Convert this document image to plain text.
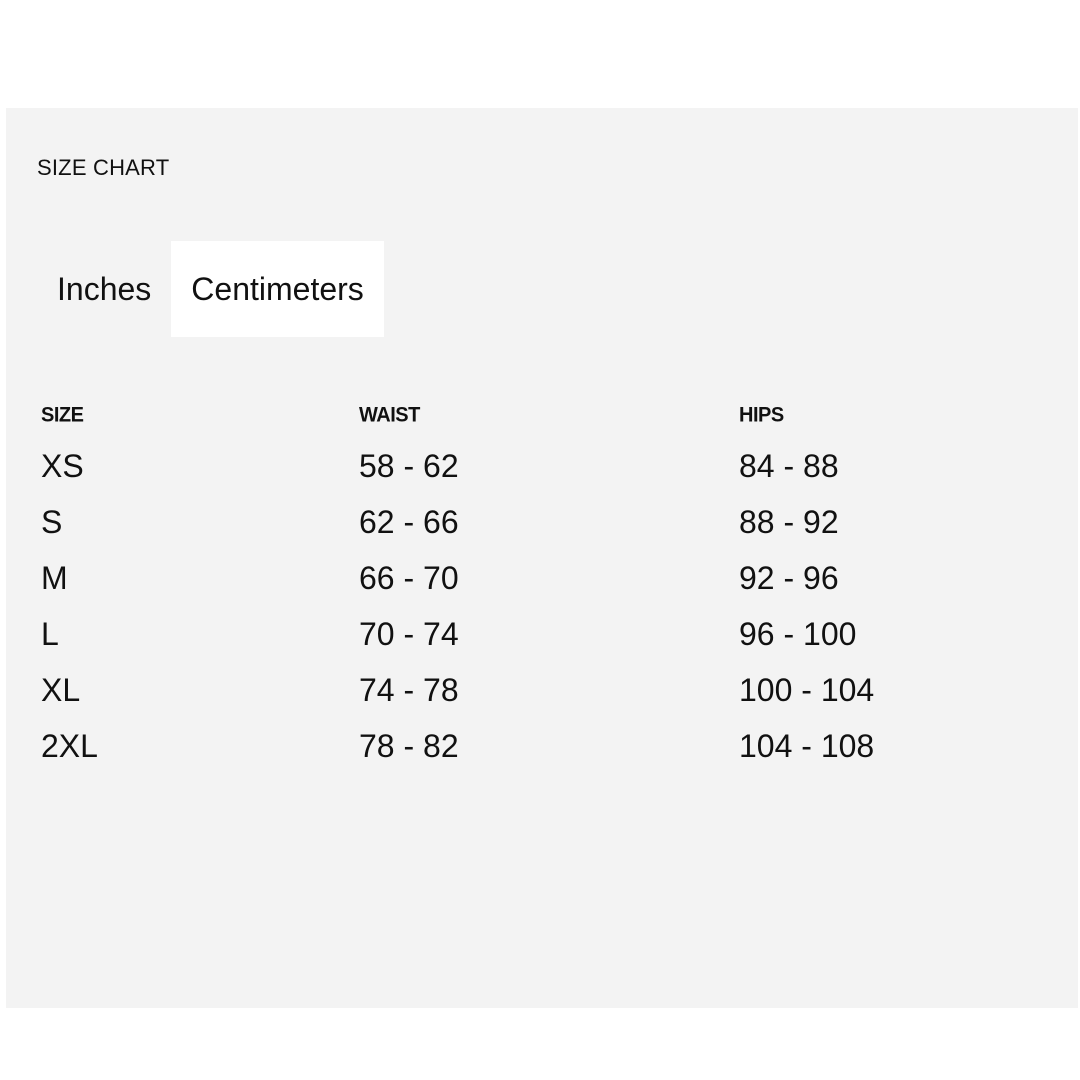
SIZE CHART
Inches	Centimeters
SIZE	WAIST	HIPS
XS	58 - 62	84 - 88
S	62 - 66	88 - 92
M	66 - 70	92 - 96
L	70 - 74	96 - 100
XL	74 - 78	100 - 104
2XL	78 - 82	104 - 108
